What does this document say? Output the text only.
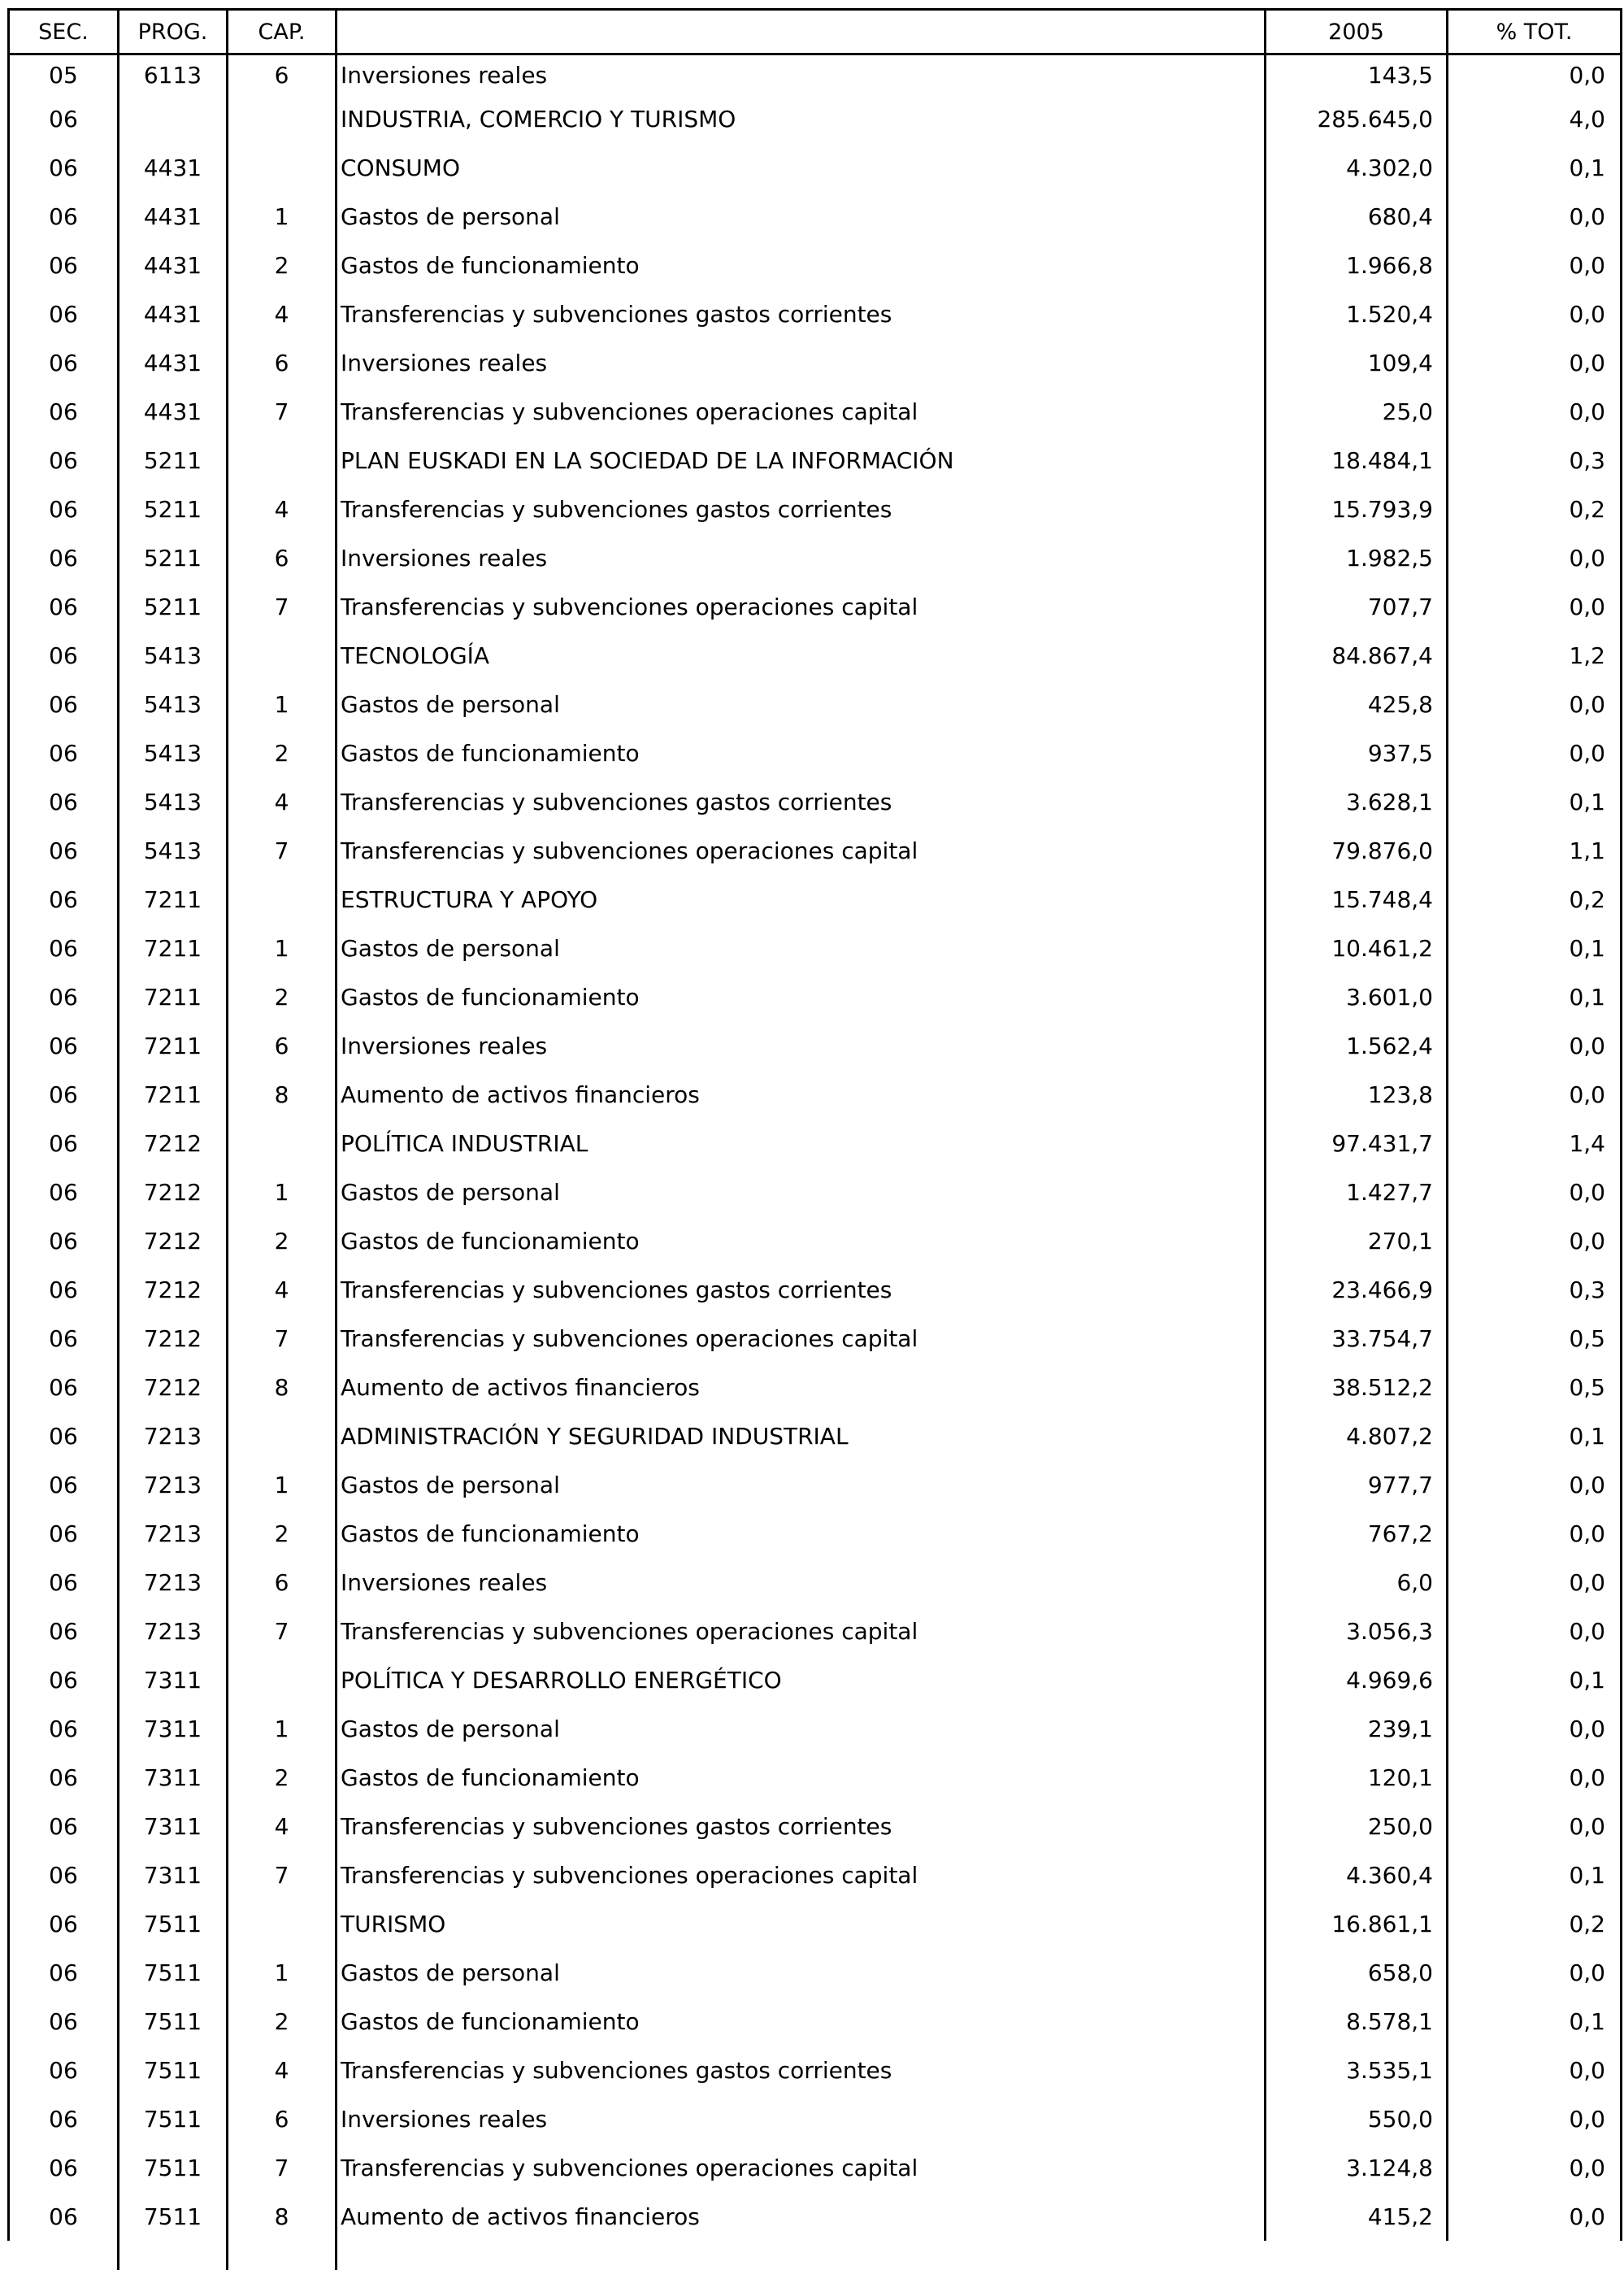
SEC.	PROG.	CAP.		2005	% TOT.
05	6113	6	Inversiones reales	143,5	0,0
06			INDUSTRIA, COMERCIO Y TURISMO	285.645,0	4,0
06	4431		CONSUMO	4.302,0	0,1
06	4431	1	Gastos de personal	680,4	0,0
06	4431	2	Gastos de funcionamiento	1.966,8	0,0
06	4431	4	Transferencias y subvenciones gastos corrientes	1.520,4	0,0
06	4431	6	Inversiones reales	109,4	0,0
06	4431	7	Transferencias y subvenciones operaciones capital	25,0	0,0
06	5211		PLAN EUSKADI EN LA SOCIEDAD DE LA INFORMACIÓN	18.484,1	0,3
06	5211	4	Transferencias y subvenciones gastos corrientes	15.793,9	0,2
06	5211	6	Inversiones reales	1.982,5	0,0
06	5211	7	Transferencias y subvenciones operaciones capital	707,7	0,0
06	5413		TECNOLOGÍA	84.867,4	1,2
06	5413	1	Gastos de personal	425,8	0,0
06	5413	2	Gastos de funcionamiento	937,5	0,0
06	5413	4	Transferencias y subvenciones gastos corrientes	3.628,1	0,1
06	5413	7	Transferencias y subvenciones operaciones capital	79.876,0	1,1
06	7211		ESTRUCTURA Y APOYO	15.748,4	0,2
06	7211	1	Gastos de personal	10.461,2	0,1
06	7211	2	Gastos de funcionamiento	3.601,0	0,1
06	7211	6	Inversiones reales	1.562,4	0,0
06	7211	8	Aumento de activos financieros	123,8	0,0
06	7212		POLÍTICA INDUSTRIAL	97.431,7	1,4
06	7212	1	Gastos de personal	1.427,7	0,0
06	7212	2	Gastos de funcionamiento	270,1	0,0
06	7212	4	Transferencias y subvenciones gastos corrientes	23.466,9	0,3
06	7212	7	Transferencias y subvenciones operaciones capital	33.754,7	0,5
06	7212	8	Aumento de activos financieros	38.512,2	0,5
06	7213		ADMINISTRACIÓN Y SEGURIDAD INDUSTRIAL	4.807,2	0,1
06	7213	1	Gastos de personal	977,7	0,0
06	7213	2	Gastos de funcionamiento	767,2	0,0
06	7213	6	Inversiones reales	6,0	0,0
06	7213	7	Transferencias y subvenciones operaciones capital	3.056,3	0,0
06	7311		POLÍTICA Y DESARROLLO ENERGÉTICO	4.969,6	0,1
06	7311	1	Gastos de personal	239,1	0,0
06	7311	2	Gastos de funcionamiento	120,1	0,0
06	7311	4	Transferencias y subvenciones gastos corrientes	250,0	0,0
06	7311	7	Transferencias y subvenciones operaciones capital	4.360,4	0,1
06	7511		TURISMO	16.861,1	0,2
06	7511	1	Gastos de personal	658,0	0,0
06	7511	2	Gastos de funcionamiento	8.578,1	0,1
06	7511	4	Transferencias y subvenciones gastos corrientes	3.535,1	0,0
06	7511	6	Inversiones reales	550,0	0,0
06	7511	7	Transferencias y subvenciones operaciones capital	3.124,8	0,0
06	7511	8	Aumento de activos financieros	415,2	0,0
